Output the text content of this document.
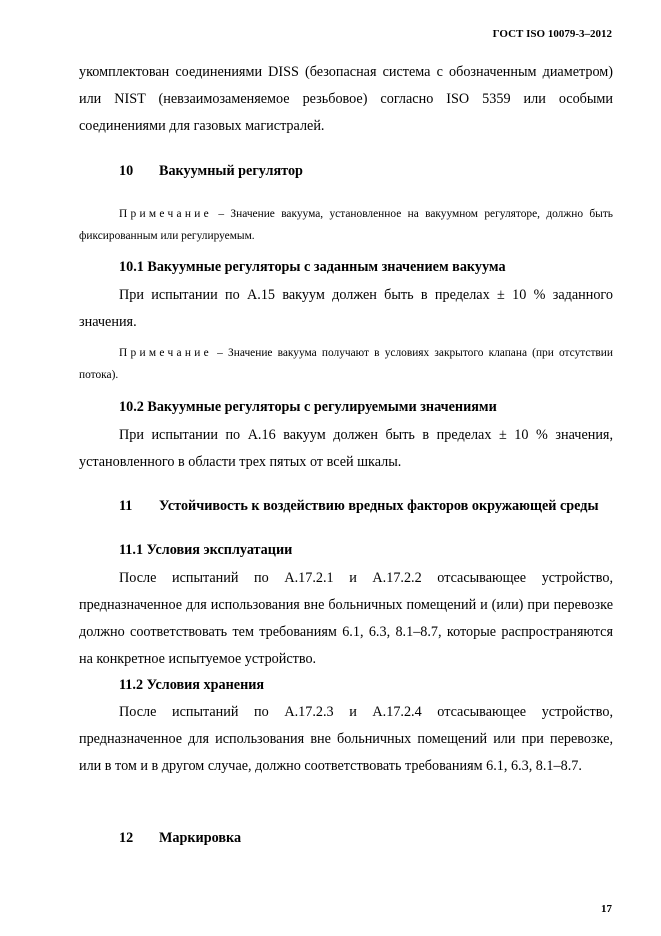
ГОСТ ISO 10079-3–2012
укомплектован соединениями DISS (безопасная система с обозначенным диаметром) или NIST (невзаимозаменяемое резьбовое) согласно ISO 5359 или особыми соединениями для газовых магистралей.
10 Вакуумный регулятор
Примечание – Значение вакуума, установленное на вакуумном регуляторе, должно быть фиксированным или регулируемым.
10.1 Вакуумные регуляторы с заданным значением вакуума
При испытании по А.15 вакуум должен быть в пределах ± 10 % заданного значения.
Примечание – Значение вакуума получают в условиях закрытого клапана (при отсутствии потока).
10.2 Вакуумные регуляторы с регулируемыми значениями
При испытании по А.16 вакуум должен быть в пределах ± 10 % значения, установленного в области трех пятых от всей шкалы.
11 Устойчивость к воздействию вредных факторов окружающей среды
11.1 Условия эксплуатации
После испытаний по А.17.2.1 и А.17.2.2 отсасывающее устройство, предназначенное для использования вне больничных помещений и (или) при перевозке должно соответствовать тем требованиям 6.1, 6.3, 8.1–8.7, которые распространяются на конкретное испытуемое устройство.
11.2 Условия хранения
После испытаний по А.17.2.3 и А.17.2.4 отсасывающее устройство, предназначенное для использования вне больничных помещений или при перевозке, или в том и в другом случае, должно соответствовать требованиям 6.1, 6.3, 8.1–8.7.
12 Маркировка
17
